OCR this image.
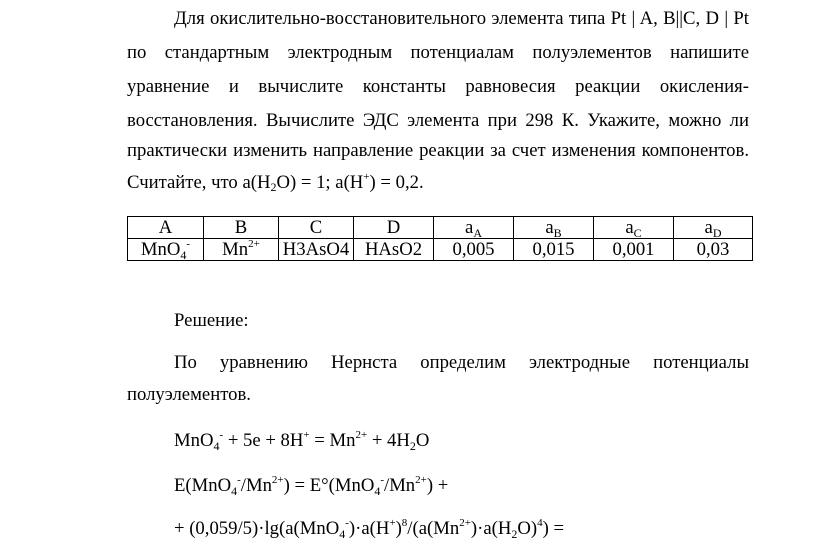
Для окислительно-восстановительного элемента типа Pt | A, B||C, D | Pt
по стандартным электродным потенциалам полуэлементов напишите
уравнение и вычислите константы равновесия реакции окисления-
восстановления. Вычислите ЭДС элемента при 298 К. Укажите, можно ли
практически изменить направление реакции за счет изменения компонентов.
Считайте, что $a(H_2O) = 1$; a(H+) = 0,2.
A	B	C	D	$a_A$	$a_B$	$a_C$	$a_D$
MnO$_4$-	$Mn^{2+}$	H3AsO4	HAsO2	0,005	0,015	0,001	0,03
Решение:
По уравнению Нернста определим электродные потенциалы
полуэлементов.
$MnO_4^- + 5e + 8H^+ = Mn^{2+} + 4H_2O$
$E(MnO_4^-/Mn^{2+}) = E^\circ(MnO_4^-/Mn^{2+})$ +
+ $(0,059/5)\cdot\lg(a(MnO_4^-)\cdot a(H^+)^8/(a(Mn^{2+})\cdot a(H_2O)^4)$ =
